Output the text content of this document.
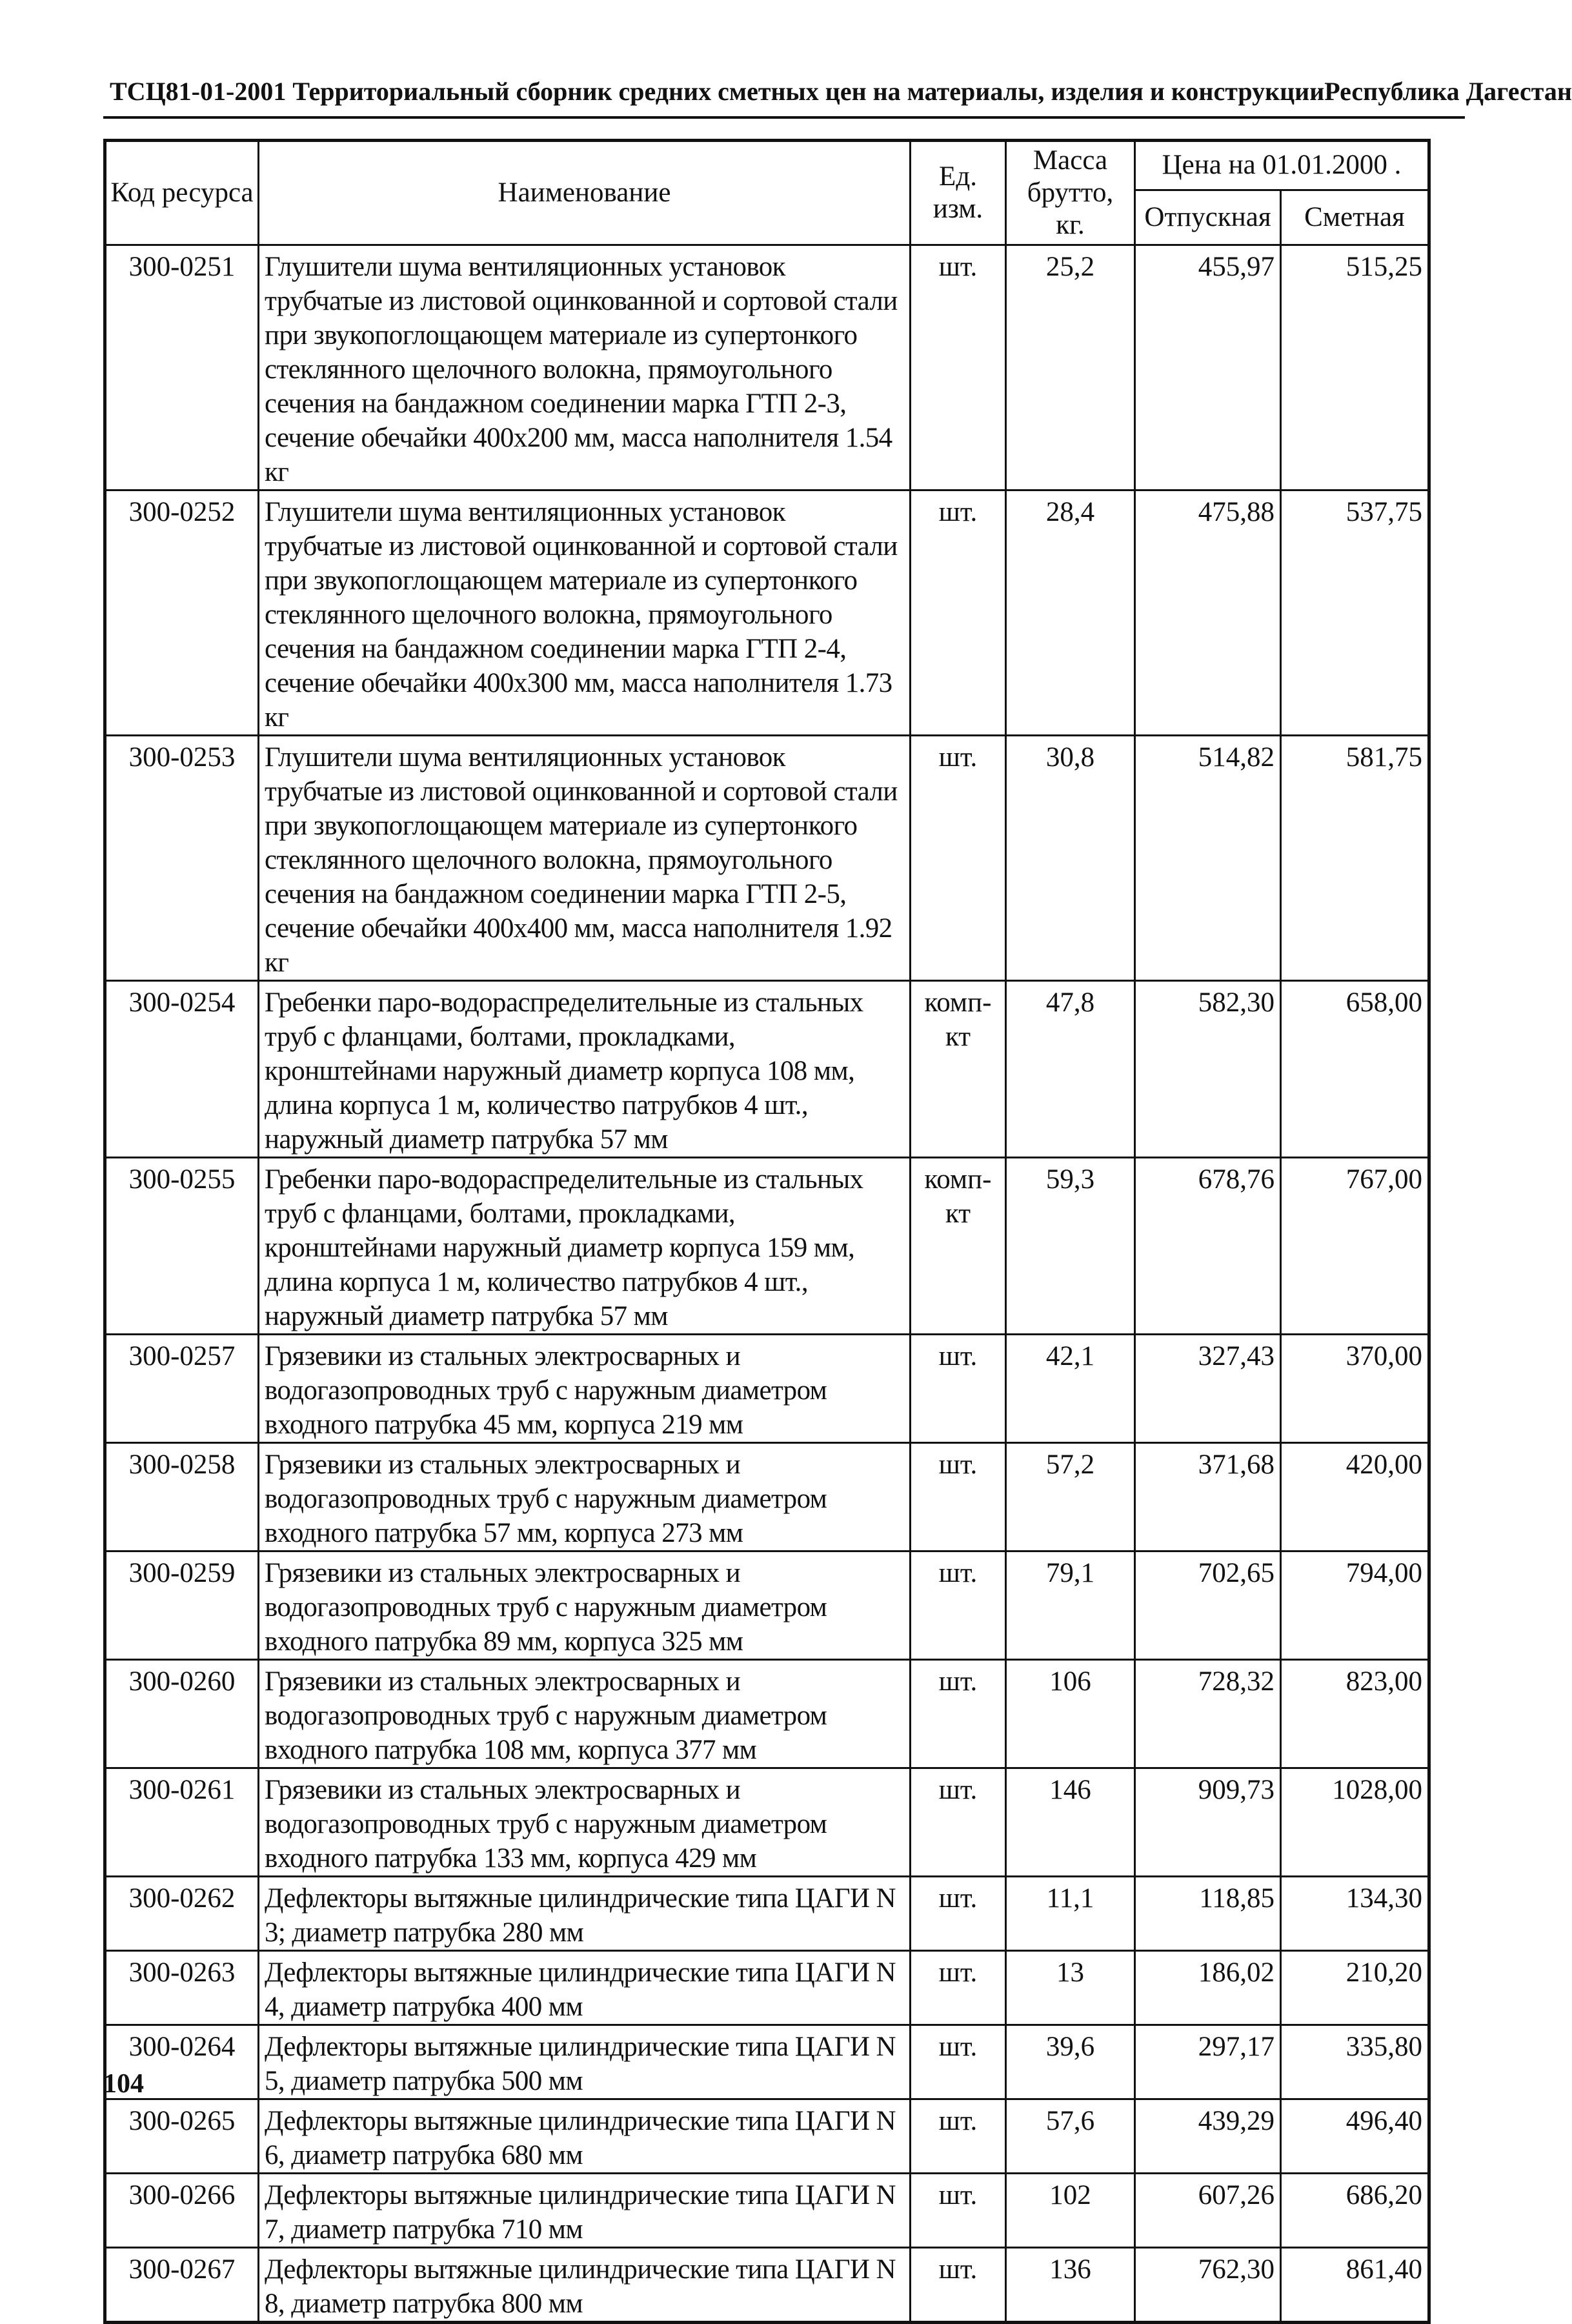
ТСЦ81-01-2001 Территориальный сборник средних сметных цен на материалы, изделия и конструкции Республика Дагестан
Код ресурса	Наименование	Ед. изм.	Масса брутто, кг.	Цена на 01.01.2000 .	
				Отпускная	Сметная
300-0251	Глушители шума вентиляционных установок трубчатые из листовой оцинкованной и сортовой стали при звукопоглощающем материале из супертонкого стеклянного щелочного волокна, прямоугольного сечения на бандажном соединении марка ГТП 2-3, сечение обечайки 400х200 мм, масса наполнителя 1.54 кг	шт.	25,2	455,97	515,25
300-0252	Глушители шума вентиляционных установок трубчатые из листовой оцинкованной и сортовой стали при звукопоглощающем материале из супертонкого стеклянного щелочного волокна, прямоугольного сечения на бандажном соединении марка ГТП 2-4, сечение обечайки 400х300 мм, масса наполнителя 1.73 кг	шт.	28,4	475,88	537,75
300-0253	Глушители шума вентиляционных установок трубчатые из листовой оцинкованной и сортовой стали при звукопоглощающем материале из супертонкого стеклянного щелочного волокна, прямоугольного сечения на бандажном соединении марка ГТП 2-5, сечение обечайки 400х400 мм, масса наполнителя 1.92 кг	шт.	30,8	514,82	581,75
300-0254	Гребенки паро-водораспределительные из стальных труб с фланцами, болтами, прокладками, кронштейнами наружный диаметр корпуса 108 мм, длина корпуса 1 м, количество патрубков 4 шт., наружный диаметр патрубка 57 мм	комп-кт	47,8	582,30	658,00
300-0255	Гребенки паро-водораспределительные из стальных труб с фланцами, болтами, прокладками, кронштейнами наружный диаметр корпуса 159 мм, длина корпуса 1 м, количество патрубков 4 шт., наружный диаметр патрубка 57 мм	комп-кт	59,3	678,76	767,00
300-0257	Грязевики из стальных электросварных и водогазопроводных труб с наружным диаметром входного патрубка 45 мм, корпуса 219 мм	шт.	42,1	327,43	370,00
300-0258	Грязевики из стальных электросварных и водогазопроводных труб с наружным диаметром входного патрубка 57 мм, корпуса 273 мм	шт.	57,2	371,68	420,00
300-0259	Грязевики из стальных электросварных и водогазопроводных труб с наружным диаметром входного патрубка 89 мм, корпуса 325 мм	шт.	79,1	702,65	794,00
300-0260	Грязевики из стальных электросварных и водогазопроводных труб с наружным диаметром входного патрубка 108 мм, корпуса 377 мм	шт.	106	728,32	823,00
300-0261	Грязевики из стальных электросварных и водогазопроводных труб с наружным диаметром входного патрубка 133 мм, корпуса 429 мм	шт.	146	909,73	1028,00
300-0262	Дефлекторы вытяжные цилиндрические типа ЦАГИ N 3; диаметр патрубка 280 мм	шт.	11,1	118,85	134,30
300-0263	Дефлекторы вытяжные цилиндрические типа ЦАГИ N 4, диаметр патрубка 400 мм	шт.	13	186,02	210,20
300-0264	Дефлекторы вытяжные цилиндрические типа ЦАГИ N 5, диаметр патрубка 500 мм	шт.	39,6	297,17	335,80
300-0265	Дефлекторы вытяжные цилиндрические типа ЦАГИ N 6, диаметр патрубка 680 мм	шт.	57,6	439,29	496,40
300-0266	Дефлекторы вытяжные цилиндрические типа ЦАГИ N 7, диаметр патрубка 710 мм	шт.	102	607,26	686,20
300-0267	Дефлекторы вытяжные цилиндрические типа ЦАГИ N 8, диаметр патрубка 800 мм	шт.	136	762,30	861,40
104
